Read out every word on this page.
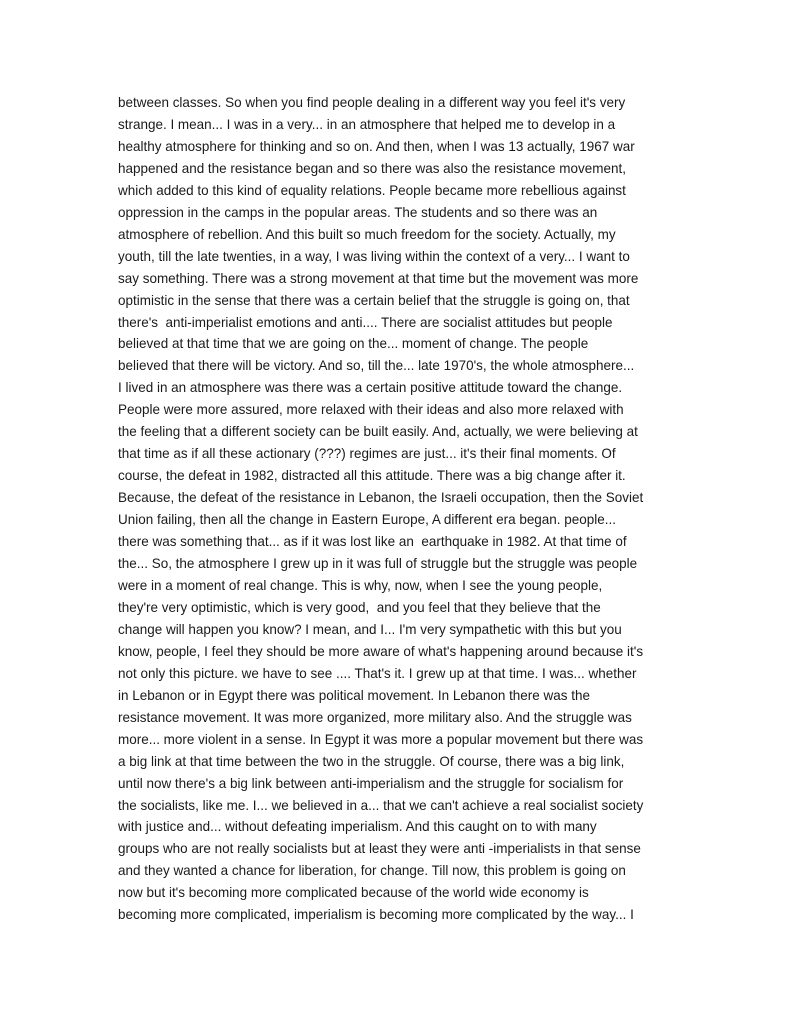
between classes. So when you find people dealing in a different way you feel it's very
strange. I mean... I was in a very... in an atmosphere that helped me to develop in a
healthy atmosphere for thinking and so on. And then, when I was 13 actually, 1967 war
happened and the resistance began and so there was also the resistance movement,
which added to this kind of equality relations. People became more rebellious against
oppression in the camps in the popular areas. The students and so there was an
atmosphere of rebellion. And this built so much freedom for the society. Actually, my
youth, till the late twenties, in a way, I was living within the context of a very... I want to
say something. There was a strong movement at that time but the movement was more
optimistic in the sense that there was a certain belief that the struggle is going on, that
there's  anti-imperialist emotions and anti.... There are socialist attitudes but people
believed at that time that we are going on the... moment of change. The people
believed that there will be victory. And so, till the... late 1970's, the whole atmosphere...
I lived in an atmosphere was there was a certain positive attitude toward the change.
People were more assured, more relaxed with their ideas and also more relaxed with
the feeling that a different society can be built easily. And, actually, we were believing at
that time as if all these actionary (???) regimes are just... it's their final moments. Of
course, the defeat in 1982, distracted all this attitude. There was a big change after it.
Because, the defeat of the resistance in Lebanon, the Israeli occupation, then the Soviet
Union failing, then all the change in Eastern Europe, A different era began. people...
there was something that... as if it was lost like an  earthquake in 1982. At that time of
the... So, the atmosphere I grew up in it was full of struggle but the struggle was people
were in a moment of real change. This is why, now, when I see the young people,
they're very optimistic, which is very good,  and you feel that they believe that the
change will happen you know? I mean, and I... I'm very sympathetic with this but you
know, people, I feel they should be more aware of what's happening around because it's
not only this picture. we have to see .... That's it. I grew up at that time. I was... whether
in Lebanon or in Egypt there was political movement. In Lebanon there was the
resistance movement. It was more organized, more military also. And the struggle was
more... more violent in a sense. In Egypt it was more a popular movement but there was
a big link at that time between the two in the struggle. Of course, there was a big link,
until now there's a big link between anti-imperialism and the struggle for socialism for
the socialists, like me. I... we believed in a... that we can't achieve a real socialist society
with justice and... without defeating imperialism. And this caught on to with many
groups who are not really socialists but at least they were anti -imperialists in that sense
and they wanted a chance for liberation, for change. Till now, this problem is going on
now but it's becoming more complicated because of the world wide economy is
becoming more complicated, imperialism is becoming more complicated by the way... I
